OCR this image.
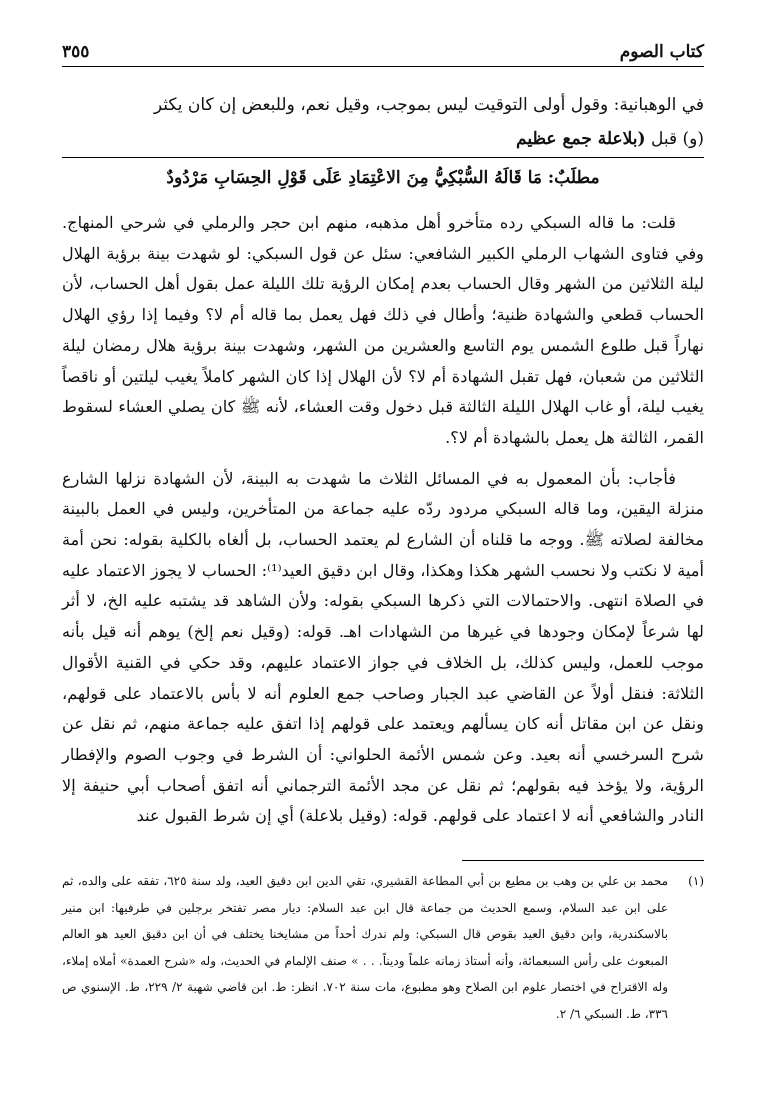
كتاب الصوم
٣٥٥
في الوهبانية: وقول أولى التوقيت ليس بموجب، وقيل نعم، وللبعض إن كان يكثر
(و) قبل (بلاعلة جمع عظيم
مطلَبٌ: مَا قَالَهُ السُّبْكِيُّ مِنَ الاعْتِمَادِ عَلَى قَوْلِ الحِسَابِ مَرْدُودٌ

قلت: ما قاله السبكي رده متأخرو أهل مذهبه، منهم ابن حجر والرملي في شرحي المنهاج. وفي فتاوى الشهاب الرملي الكبير الشافعي: سئل عن قول السبكي: لو شهدت بينة برؤية الهلال ليلة الثلاثين من الشهر وقال الحساب بعدم إمكان الرؤية تلك الليلة عمل بقول أهل الحساب، لأن الحساب قطعي والشهادة ظنية؛ وأطال في ذلك فهل يعمل بما قاله أم لا؟ وفيما إذا رؤي الهلال نهاراً قبل طلوع الشمس يوم التاسع والعشرين من الشهر، وشهدت بينة برؤية هلال رمضان ليلة الثلاثين من شعبان، فهل تقبل الشهادة أم لا؟ لأن الهلال إذا كان الشهر كاملاً يغيب ليلتين أو ناقصاً يغيب ليلة، أو غاب الهلال الليلة الثالثة قبل دخول وقت العشاء، لأنه ﷺ كان يصلي العشاء لسقوط القمر، الثالثة هل يعمل بالشهادة أم لا؟.

فأجاب: بأن المعمول به في المسائل الثلاث ما شهدت به البينة، لأن الشهادة نزلها الشارع منزلة اليقين، وما قاله السبكي مردود ردّه عليه جماعة من المتأخرين، وليس في العمل بالبينة مخالفة لصلاته ﷺ. ووجه ما قلناه أن الشارع لم يعتمد الحساب، بل ألغاه بالكلية بقوله: نحن أمة أمية لا نكتب ولا نحسب الشهر هكذا وهكذا، وقال ابن دقيق العيد⁽¹⁾: الحساب لا يجوز الاعتماد عليه في الصلاة انتهى. والاحتمالات التي ذكرها السبكي بقوله: ولأن الشاهد قد يشتبه عليه الخ، لا أثر لها شرعاً لإمكان وجودها في غيرها من الشهادات اهـ. قوله: (وقيل نعم إلخ) يوهم أنه قيل بأنه موجب للعمل، وليس كذلك، بل الخلاف في جواز الاعتماد عليهم، وقد حكي في القنية الأقوال الثلاثة: فنقل أولاً عن القاضي عبد الجبار وصاحب جمع العلوم أنه لا بأس بالاعتماد على قولهم، ونقل عن ابن مقاتل أنه كان يسألهم ويعتمد على قولهم إذا اتفق عليه جماعة منهم، ثم نقل عن شرح السرخسي أنه بعيد. وعن شمس الأئمة الحلواني: أن الشرط في وجوب الصوم والإفطار الرؤية، ولا يؤخذ فيه بقولهم؛ ثم نقل عن مجد الأئمة الترجماني أنه اتفق أصحاب أبي حنيفة إلا النادر والشافعي أنه لا اعتماد على قولهم. قوله: (وقيل بلاعلة) أي إن شرط القبول عند

(١)
محمد بن علي بن وهب بن مطيع بن أبي المطاعة القشيري، تقي الدين ابن دقيق العيد، ولد سنة ٦٢٥، تفقه على والده، ثم على ابن عبد السلام، وسمع الحديث من جماعة قال ابن عبد السلام: ديار مصر تفتخر برجلين في طرفيها: ابن منير بالاسكندرية، وابن دقيق العيد بقوص قال السبكي: ولم ندرك أحداً من مشايخنا يختلف في أن ابن دقيق العيد هو العالم المبعوث على رأس السبعمائة، وأنه أستاذ زمانه علماً وديناً. . . » صنف الإلمام في الحديث، وله «شرح العمدة» أملاه إملاء، وله الاقتراح في اختصار علوم ابن الصلاح وهو مطبوع، مات سنة ٧٠٢. انظر: ط. ابن قاضي شهبة ٢/ ٢٢٩، ط. الإسنوي ص ٣٣٦، ط. السبكي ٦/ ٢.
